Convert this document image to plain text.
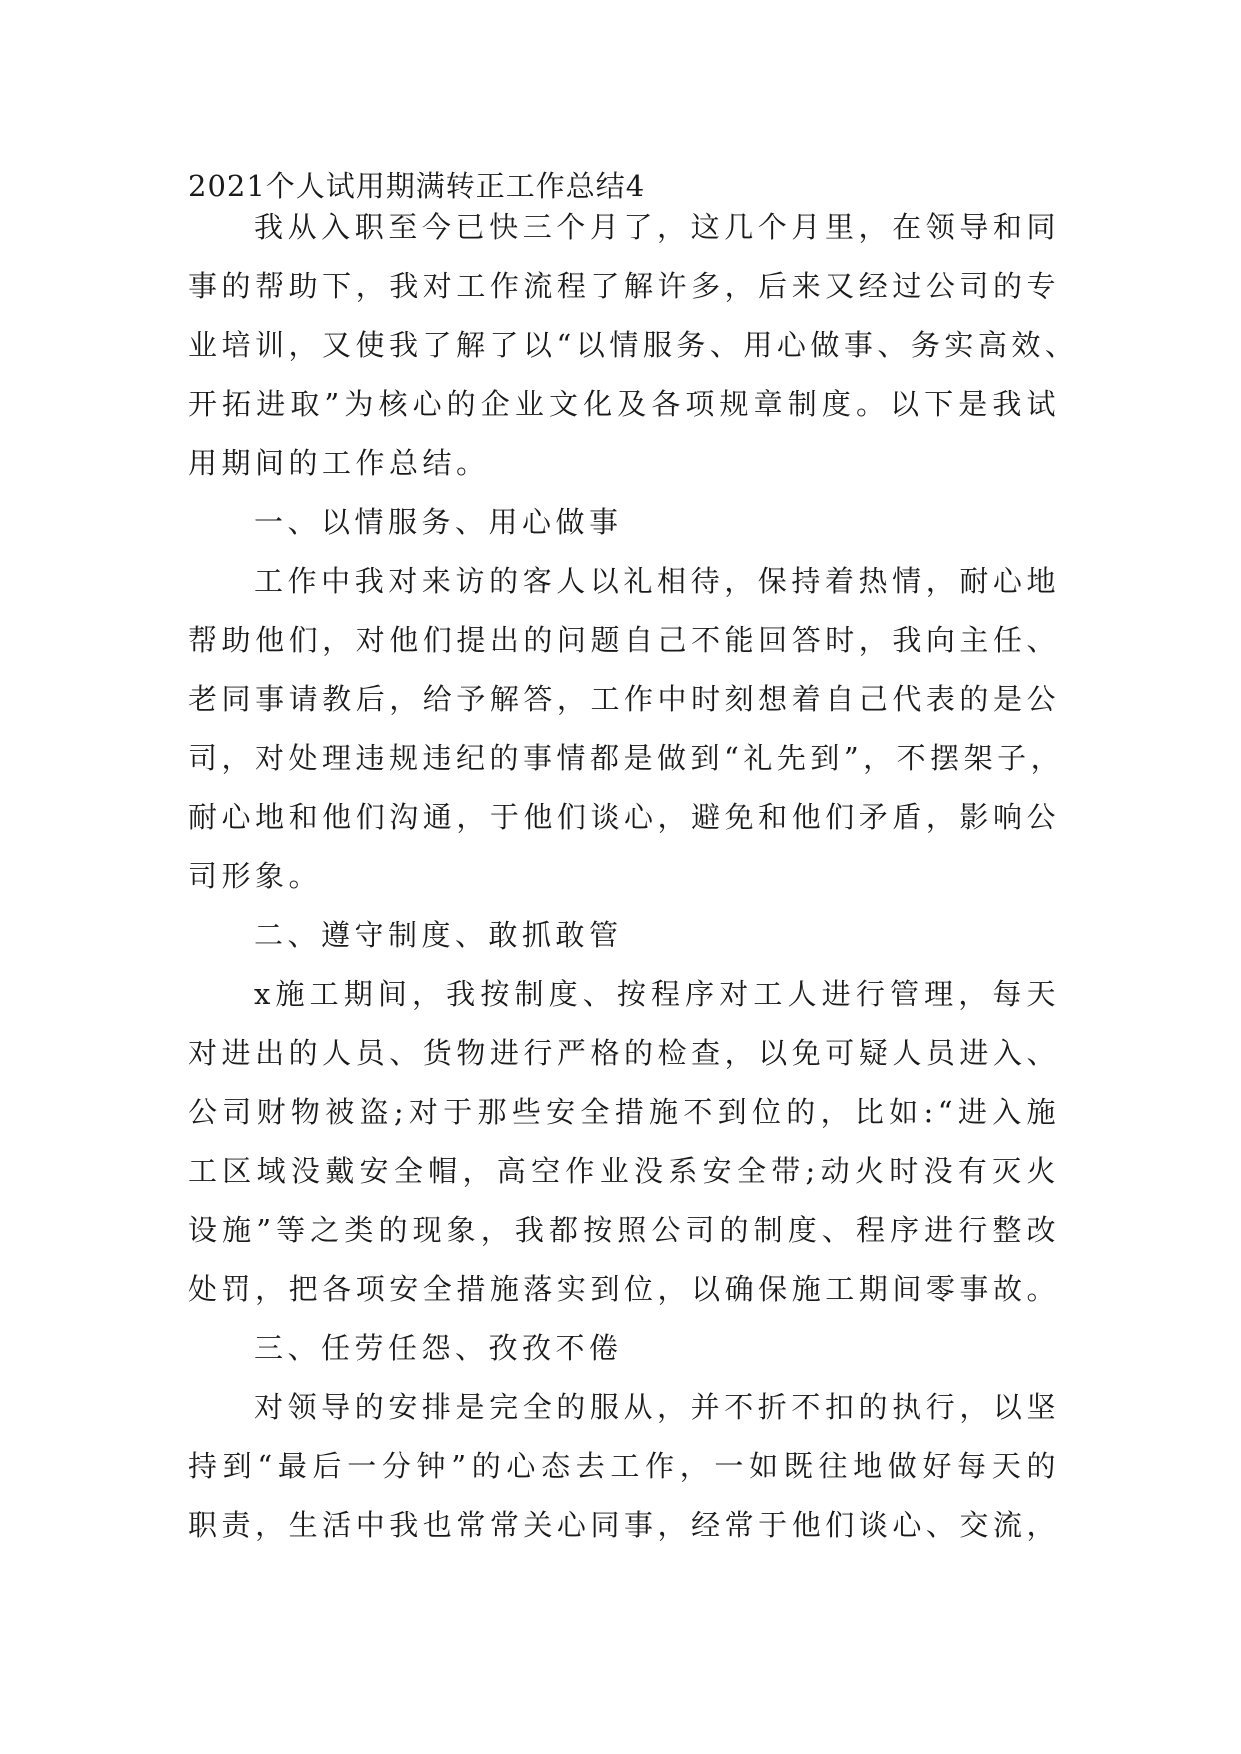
2021个人试用期满转正工作总结4
我从入职至今已快三个月了，这几个月里，在领导和同
事的帮助下，我对工作流程了解许多，后来又经过公司的专
业培训，又使我了解了以“以情服务、用心做事、务实高效、
开拓进取”为核心的企业文化及各项规章制度。以下是我试
用期间的工作总结。
一、以情服务、用心做事
工作中我对来访的客人以礼相待，保持着热情，耐心地
帮助他们，对他们提出的问题自己不能回答时，我向主任、
老同事请教后，给予解答，工作中时刻想着自己代表的是公
司，对处理违规违纪的事情都是做到“礼先到”，不摆架子，
耐心地和他们沟通，于他们谈心，避免和他们矛盾，影响公
司形象。
二、遵守制度、敢抓敢管
x施工期间，我按制度、按程序对工人进行管理，每天
对进出的人员、货物进行严格的检查，以免可疑人员进入、
公司财物被盗;对于那些安全措施不到位的，比如:“进入施
工区域没戴安全帽，高空作业没系安全带;动火时没有灭火
设施”等之类的现象，我都按照公司的制度、程序进行整改
处罚，把各项安全措施落实到位，以确保施工期间零事故。
三、任劳任怨、孜孜不倦
对领导的安排是完全的服从，并不折不扣的执行，以坚
持到“最后一分钟”的心态去工作，一如既往地做好每天的
职责，生活中我也常常关心同事，经常于他们谈心、交流，
